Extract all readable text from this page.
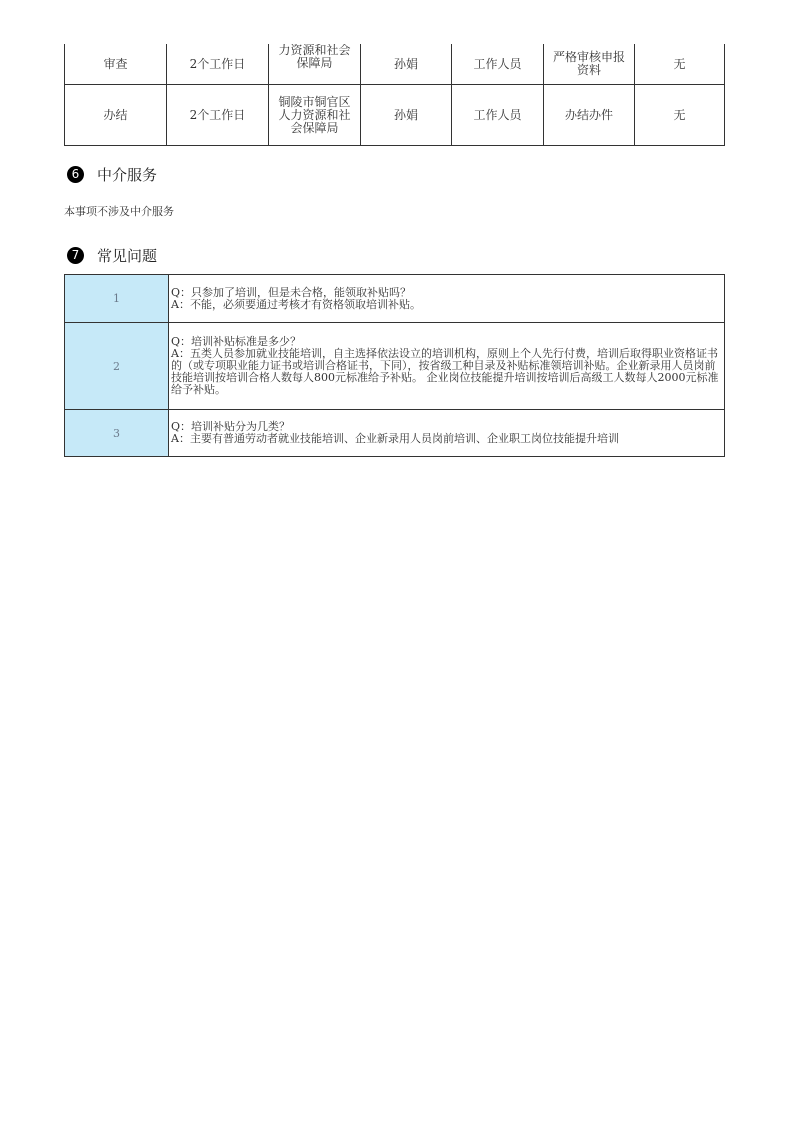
审查	2个工作日	力资源和社会保障局	孙娟	工作人员	严格审核申报资料	无
办结	2个工作日	铜陵市铜官区人力资源和社会保障局	孙娟	工作人员	办结办件	无
6	中介服务
本事项不涉及中介服务
7	常见问题
1	Q：只参加了培训，但是未合格，能领取补贴吗？
A：不能，必须要通过考核才有资格领取培训补贴。

2	Q：培训补贴标准是多少？
A：五类人员参加就业技能培训，自主选择依法设立的培训机构，原则上个人先行付费，培训后取得职业资格证书的（或专项职业能力证书或培训合格证书，下同），按省级工种目录及补贴标准领培训补贴。企业新录用人员岗前技能培训按培训合格人数每人800元标准给予补贴。 企业岗位技能提升培训按培训后高级工人数每人2000元标准给予补贴。

3	Q：培训补贴分为几类？
A：主要有普通劳动者就业技能培训、企业新录用人员岗前培训、企业职工岗位技能提升培训
